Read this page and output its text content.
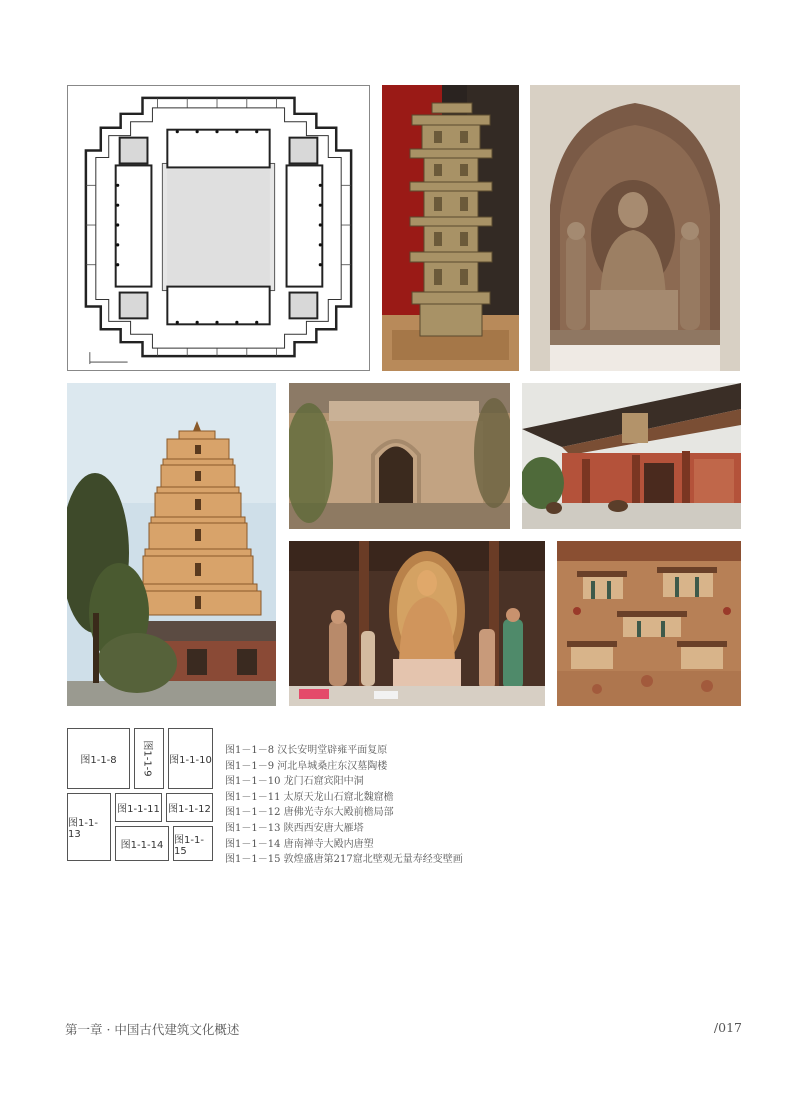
图1-1-8 图1-1-9	图1-1-10
图1-1-13
图1-1-11 图1-1-12
图1-1-14 图1-1-15
图1－1－8 汉长安明堂辟雍平面复原
图1－1－9 河北阜城桑庄东汉墓陶楼
图1－1－10 龙门石窟宾阳中洞
图1－1－11 太原天龙山石窟北魏窟檐
图1－1－12 唐佛光寺东大殿前檐局部
图1－1－13 陕西西安唐大雁塔
图1－1－14 唐南禅寺大殿内唐塑
图1－1－15 敦煌盛唐第217窟北壁观无量寿经变壁画
第一章 · 中国古代建筑文化概述	/017
